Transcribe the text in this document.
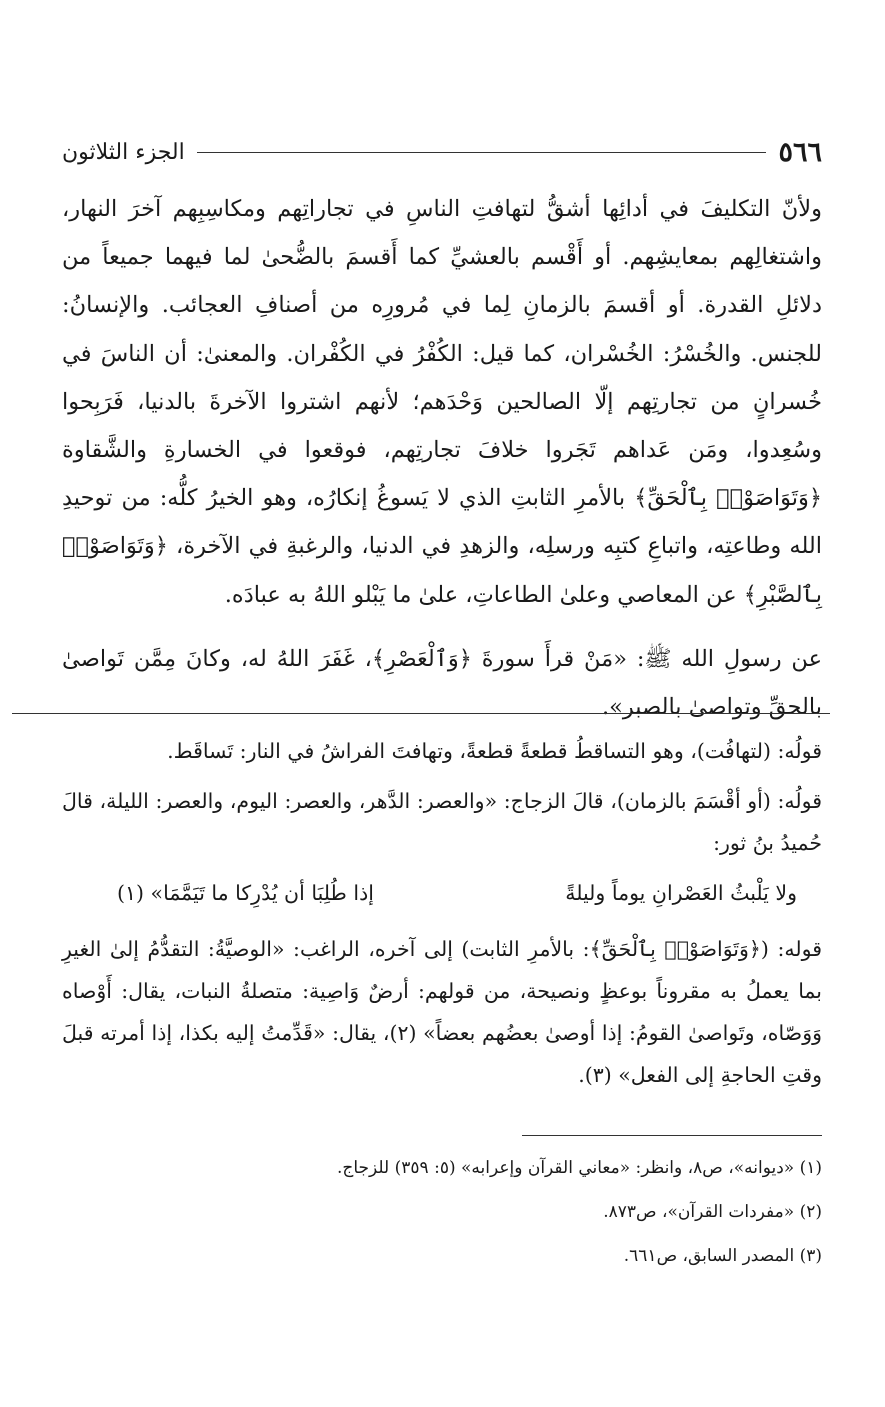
٥٦٦
الجزء الثلاثون

ولأنّ التكليفَ في أدائِها أشقُّ لتهافتِ الناسِ في تجاراتِهم ومكاسِبِهم آخرَ النهار، واشتغالِهم بمعايشِهم. أو أَقْسم بالعشيِّ كما أَقسمَ بالضُّحىٰ لما فيهما جميعاً من دلائلِ القدرة. أو أقسمَ بالزمانِ لِما في مُرورِه من أصنافِ العجائب. والإنسانُ: للجنس. والخُسْرُ: الخُسْران، كما قيل: الكُفْرُ في الكُفْران. والمعنىٰ: أن الناسَ في خُسرانٍ من تجارتِهم إلّا الصالحين وَحْدَهم؛ لأنهم اشتروا الآخرةَ بالدنيا، فَرَبِحوا وسُعِدوا، ومَن عَداهم تَجَروا خلافَ تجارتِهم، فوقعوا في الخسارةِ والشَّقاوة ﴿وَتَوَاصَوْا۟ بِٱلْحَقِّ﴾ بالأمرِ الثابتِ الذي لا يَسوغُ إنكارُه، وهو الخيرُ كلُّه: من توحيدِ الله وطاعتِه، واتباعِ كتبِه ورسلِه، والزهدِ في الدنيا، والرغبةِ في الآخرة، ﴿وَتَوَاصَوْا۟ بِٱلصَّبْرِ﴾ عن المعاصي وعلىٰ الطاعاتِ، علىٰ ما يَبْلو اللهُ به عبادَه.

عن رسولِ الله ﷺ: «مَنْ قرأَ سورةَ ﴿وَٱلْعَصْرِ﴾، غَفَرَ اللهُ له، وكانَ مِمَّن تَواصىٰ بالحقِّ وتواصىٰ بالصبر».

قولُه: (لتهافُت)، وهو التساقطُ قطعةً قطعةً، وتهافتَ الفراشُ في النار: تَساقَط.

قولُه: (أو أقْسَمَ بالزمان)، قالَ الزجاج: «والعصر: الدَّهر، والعصر: اليوم، والعصر: الليلة، قالَ حُميدُ بنُ ثور:

ولا يَلْبثُ العَصْرانِ يوماً وليلةً
إذا طُلِبَا أن يُدْرِكا ما تَيَمَّمَا» (١)

قوله: (﴿وَتَوَاصَوْا۟ بِٱلْحَقِّ﴾: بالأمرِ الثابت) إلى آخره، الراغب: «الوصيَّةُ: التقدُّمُ إلىٰ الغيرِ بما يعملُ به مقروناً بوعظٍ ونصيحة، من قولهم: أرضٌ وَاصِية: متصلةُ النبات، يقال: أَوْصاه وَوَصّاه، وتَواصىٰ القومُ: إذا أوصىٰ بعضُهم بعضاً» (٢)، يقال: «قَدِّمتُ إليه بكذا، إذا أمرته قبلَ وقتِ الحاجةِ إلى الفعل» (٣).

(١) «ديوانه»، ص٨، وانظر: «معاني القرآن وإعرابه» (٥: ٣٥٩) للزجاج.
(٢) «مفردات القرآن»، ص٨٧٣.
(٣) المصدر السابق، ص٦٦١.
